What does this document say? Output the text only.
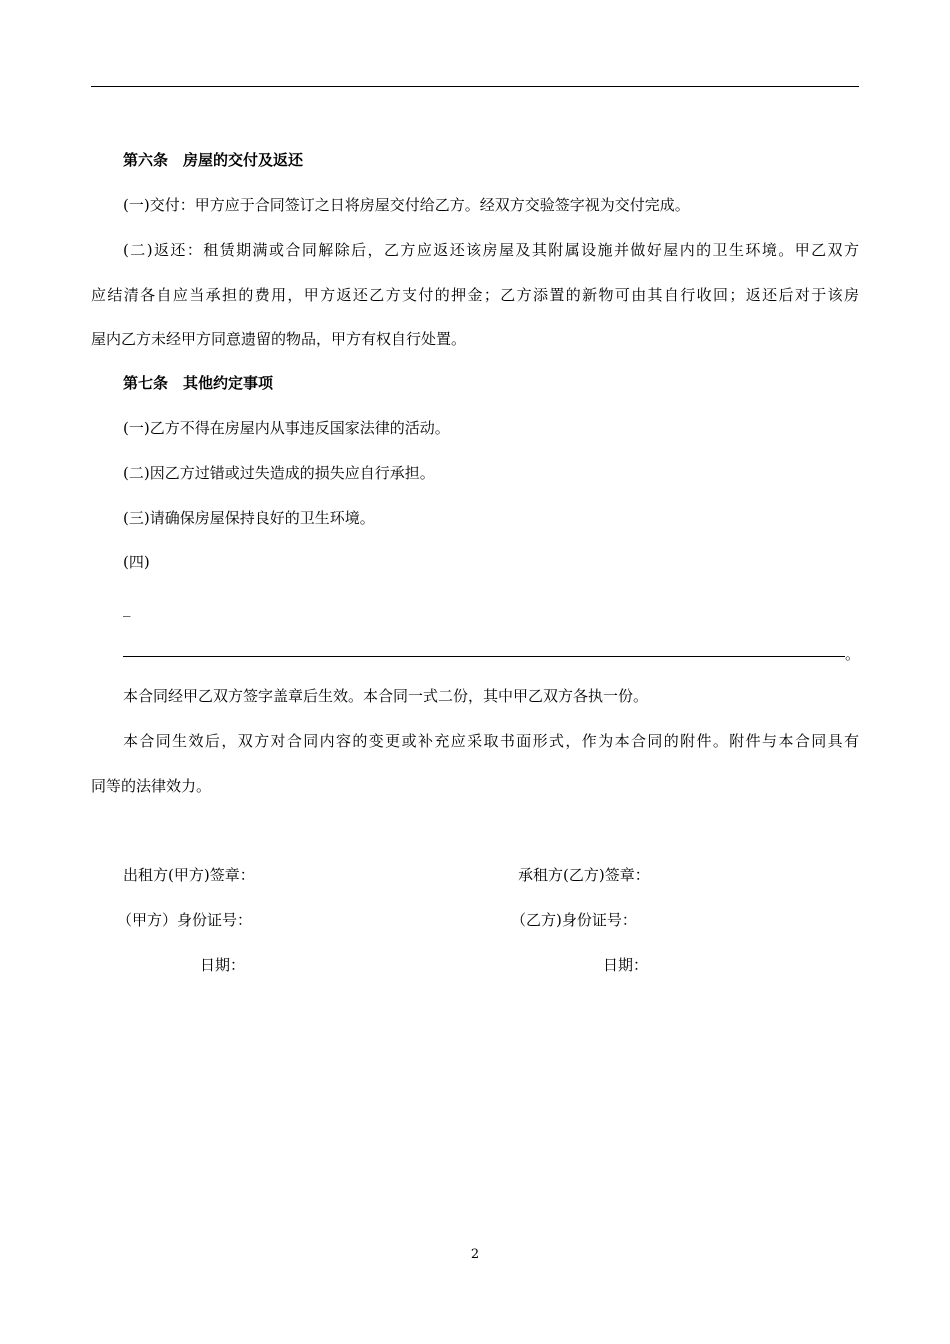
第六条　房屋的交付及返还
(一)交付：甲方应于合同签订之日将房屋交付给乙方。经双方交验签字视为交付完成。
(二)返还：租赁期满或合同解除后，乙方应返还该房屋及其附属设施并做好屋内的卫生环境。甲乙双方
应结清各自应当承担的费用，甲方返还乙方支付的押金；乙方添置的新物可由其自行收回；返还后对于该房
屋内乙方未经甲方同意遗留的物品，甲方有权自行处置。
第七条　其他约定事项
(一)乙方不得在房屋内从事违反国家法律的活动。
(二)因乙方过错或过失造成的损失应自行承担。
(三)请确保房屋保持良好的卫生环境。
(四)
_
。
本合同经甲乙双方签字盖章后生效。本合同一式二份，其中甲乙双方各执一份。
本合同生效后，双方对合同内容的变更或补充应采取书面形式，作为本合同的附件。附件与本合同具有
同等的法律效力。
出租方(甲方)签章：	承租方(乙方)签章：
（甲方）身份证号：	（乙方)身份证号：
日期：	日期：
2
